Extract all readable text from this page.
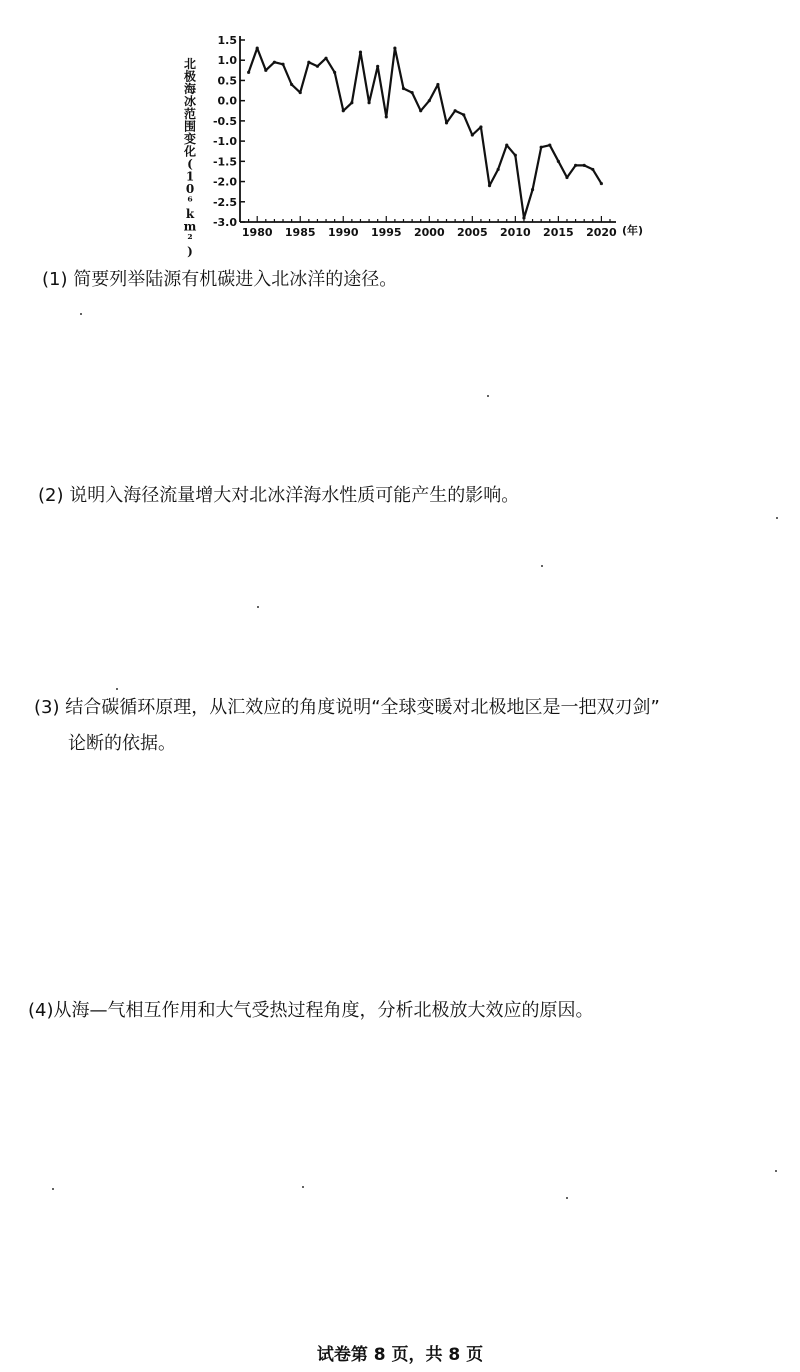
北
极
海
冰
范
围
变
化
(
1
0
⁶
k
m
²
)
1.5
1.0
0.5
0.0
-0.5
-1.0
-1.5
-2.0
-2.5
-3.0
1980 1985 1990 1995 2000 2005 2010 2015 2020 (年)
(1) 简要列举陆源有机碳进入北冰洋的途径。
(2) 说明入海径流量增大对北冰洋海水性质可能产生的影响。
(3) 结合碳循环原理，从汇效应的角度说明“全球变暖对北极地区是一把双刃剑”
论断的依据。
(4)从海—气相互作用和大气受热过程角度，分析北极放大效应的原因。
试卷第 8 页，共 8 页
